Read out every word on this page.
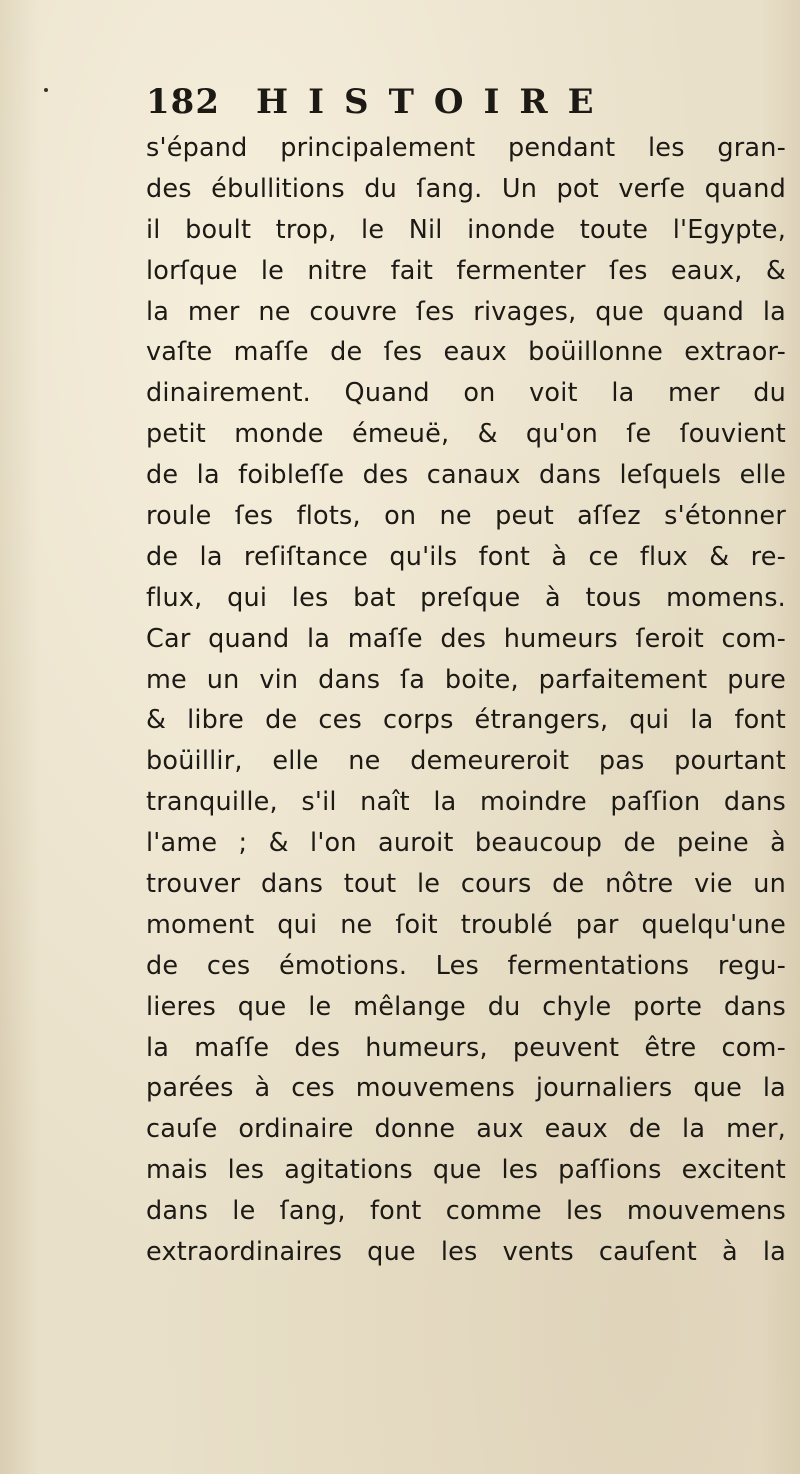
182 HISTOIRE
s'épand principalement pendant les gran-
des ébullitions du ſang. Un pot verſe quand
il boult trop, le Nil inonde toute l'Egypte,
lorſque le nitre fait fermenter ſes eaux, &
la mer ne couvre ſes rivages, que quand la
vaſte maſſe de ſes eaux boüillonne extraor-
dinairement. Quand on voit la mer du
petit monde émeuë, & qu'on ſe ſouvient
de la foibleſſe des canaux dans leſquels elle
roule ſes flots, on ne peut aſſez s'étonner
de la reſiſtance qu'ils font à ce flux & re-
flux, qui les bat preſque à tous momens.
Car quand la maſſe des humeurs ſeroit com-
me un vin dans ſa boite, parfaitement pure
& libre de ces corps étrangers, qui la font
boüillir, elle ne demeureroit pas pourtant
tranquille, s'il naît la moindre paſſion dans
l'ame ; & l'on auroit beaucoup de peine à
trouver dans tout le cours de nôtre vie un
moment qui ne ſoit troublé par quelqu'une
de ces émotions. Les fermentations regu-
lieres que le mêlange du chyle porte dans
la maſſe des humeurs, peuvent être com-
parées à ces mouvemens journaliers que la
cauſe ordinaire donne aux eaux de la mer,
mais les agitations que les paſſions excitent
dans le ſang, font comme les mouvemens
extraordinaires que les vents cauſent à la
